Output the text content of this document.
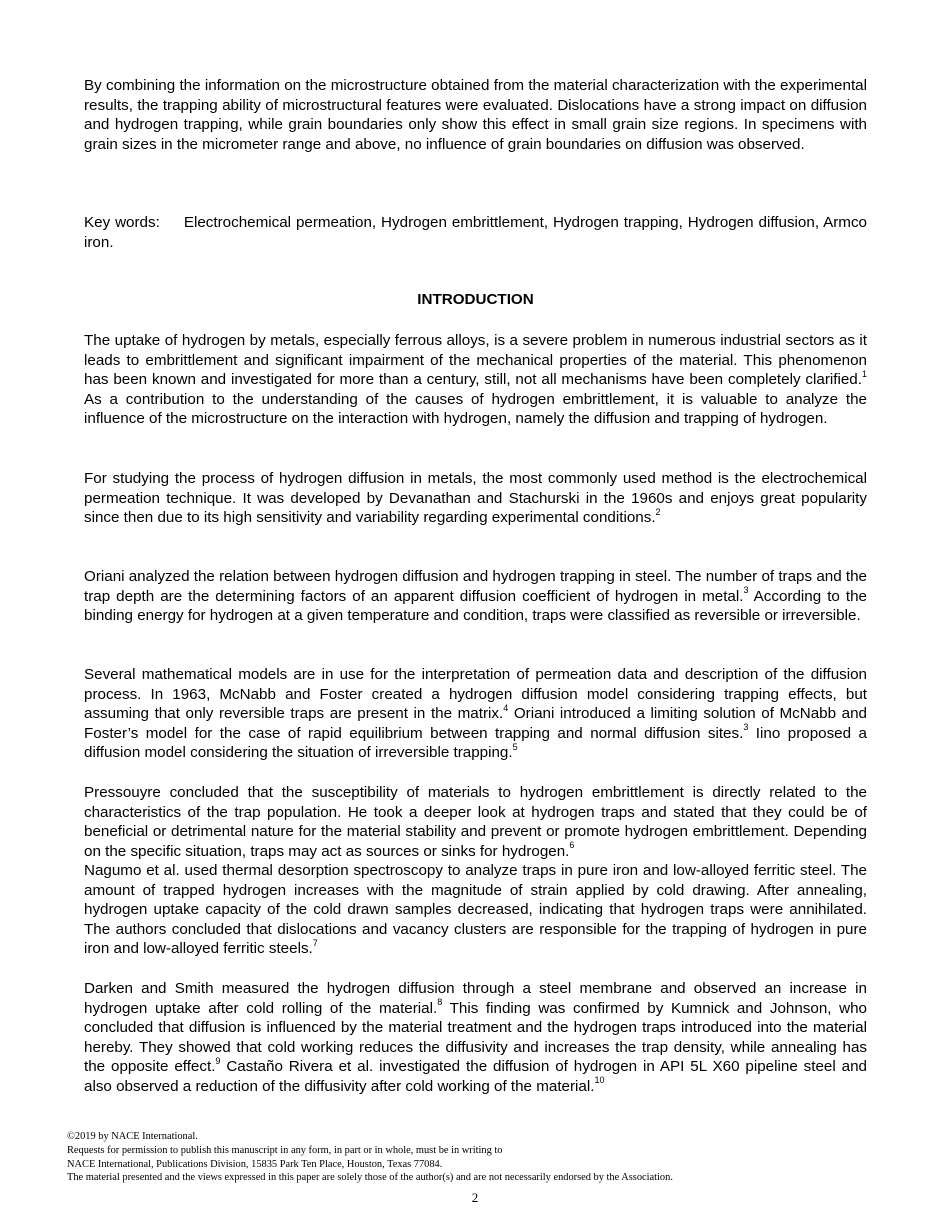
By combining the information on the microstructure obtained from the material characterization with the experimental results, the trapping ability of microstructural features were evaluated. Dislocations have a strong impact on diffusion and hydrogen trapping, while grain boundaries only show this effect in small grain size regions. In specimens with grain sizes in the micrometer range and above, no influence of grain boundaries on diffusion was observed.

Key words: Electrochemical permeation, Hydrogen embrittlement, Hydrogen trapping, Hydrogen diffusion, Armco iron.

INTRODUCTION

The uptake of hydrogen by metals, especially ferrous alloys, is a severe problem in numerous industrial sectors as it leads to embrittlement and significant impairment of the mechanical properties of the material. This phenomenon has been known and investigated for more than a century, still, not all mechanisms have been completely clarified.$^1$ As a contribution to the understanding of the causes of hydrogen embrittlement, it is valuable to analyze the influence of the microstructure on the interaction with hydrogen, namely the diffusion and trapping of hydrogen.

For studying the process of hydrogen diffusion in metals, the most commonly used method is the electrochemical permeation technique. It was developed by Devanathan and Stachurski in the 1960s and enjoys great popularity since then due to its high sensitivity and variability regarding experimental conditions.$^2$

Oriani analyzed the relation between hydrogen diffusion and hydrogen trapping in steel. The number of traps and the trap depth are the determining factors of an apparent diffusion coefficient of hydrogen in metal.$^3$ According to the binding energy for hydrogen at a given temperature and condition, traps were classified as reversible or irreversible.

Several mathematical models are in use for the interpretation of permeation data and description of the diffusion process. In 1963, McNabb and Foster created a hydrogen diffusion model considering trapping effects, but assuming that only reversible traps are present in the matrix.$^4$ Oriani introduced a limiting solution of McNabb and Foster’s model for the case of rapid equilibrium between trapping and normal diffusion sites.$^3$ Iino proposed a diffusion model considering the situation of irreversible trapping.$^5$

Pressouyre concluded that the susceptibility of materials to hydrogen embrittlement is directly related to the characteristics of the trap population. He took a deeper look at hydrogen traps and stated that they could be of beneficial or detrimental nature for the material stability and prevent or promote hydrogen embrittlement. Depending on the specific situation, traps may act as sources or sinks for hydrogen.$^6$
Nagumo et al. used thermal desorption spectroscopy to analyze traps in pure iron and low-alloyed ferritic steel. The amount of trapped hydrogen increases with the magnitude of strain applied by cold drawing. After annealing, hydrogen uptake capacity of the cold drawn samples decreased, indicating that hydrogen traps were annihilated. The authors concluded that dislocations and vacancy clusters are responsible for the trapping of hydrogen in pure iron and low-alloyed ferritic steels.$^7$

Darken and Smith measured the hydrogen diffusion through a steel membrane and observed an increase in hydrogen uptake after cold rolling of the material.$^8$ This finding was confirmed by Kumnick and Johnson, who concluded that diffusion is influenced by the material treatment and the hydrogen traps introduced into the material hereby. They showed that cold working reduces the diffusivity and increases the trap density, while annealing has the opposite effect.$^9$ Castaño Rivera et al. investigated the diffusion of hydrogen in API 5L X60 pipeline steel and also observed a reduction of the diffusivity after cold working of the material.$^{10}$

©2019 by NACE International.
Requests for permission to publish this manuscript in any form, in part or in whole, must be in writing to
NACE International, Publications Division, 15835 Park Ten Place, Houston, Texas 77084.
The material presented and the views expressed in this paper are solely those of the author(s) and are not necessarily endorsed by the Association.
2
